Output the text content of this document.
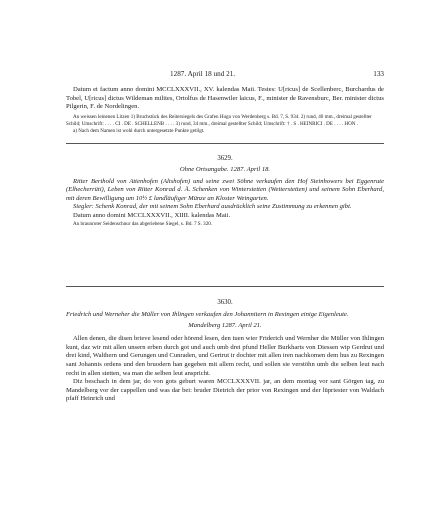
1287. April 18 und 21.	133

Datum et factum anno domini MCCLXXXVII., XV. kalendas Maii. Testes: U[ricus] de Scellenberc, Burchardus de Tobel, U[ricus] dictus Wildeman milites, Ortolfus de Hasenwiler laicus, F., minister de Ravensburc, Ber. minister dictus Pilgerin, F. de Nordelingen.

An weissen leinenen Litzen 1) Bruchstück des Reitersiegels des Grafen Hugo von Werdenberg s. Bd. 7, S. 934. 2) rund, 40 mm., dreimal gestellter Schild; Umschrift: . . . . CI . DE . SCHELLENB . . . . 3) rund, 34 mm., dreimal gestellter Schild; Umschrift: † . S . HEINRICI . DE . . . . HON .

a) Nach dem Namen ist wohl durch untergesetzte Punkte getilgt.

3629.

Ohne Ortsangabe. 1287. April 18.

Ritter Berthold von Attenhofen (Altshofen) und seine zwei Söhne verkaufen den Hof Steinhowers bei Eggenrute (Elhecherrüti), Leben von Ritter Konrad d. Ä. Schenken von Winterstetten (Wetterstetten) und seinem Sohn Eberhard, mit deren Bewilligung um 10½ £ landläufiger Münze an Kloster Weingarten.

Siegler: Schenk Konrad, der mit seinem Sohn Eberhard ausdrücklich seine Zustimmung zu erkennen gibt.

Datum anno domini MCCLXXXVII., XIIII. kalendas Maii.

An braunroter Seidenschnur das abgeriebene Siegel, s. Bd. 7 S. 320.

3630.

Friedrich und Werneher die Müller von Ihlingen verkaufen den Johannitern in Rexingen einige Eigenleute.

Mandelberg 1287. April 21.

Allen denen, die disen brieve lesend oder hörend lesen, den tuen wier Friderich und Wernher die Müller von Ihlingen kunt, daz wir mit allen unsern erben durch got und auch umb drei pfund Heller Burkharts von Diessen wip Gerdrut und drei kind, Walthern und Gerungen und Cunraden, und Gertrut ir dochter mit allen iren nachkomen dem hus zu Rexingen sant Johannis ordens und den bruodern han gegeben mit allem recht, und sollen sie verstöhn umb die selben leut nach recht in allen stetten, wa man die selben leut anspricht.

Diz beschach in dem jar, do von gots geburt waren MCCLXXXVII. jar, an dem montag vor sant Görgen tag, zu Mandelberg vor der cappellen und was dar bei: bruder Dietrich der prior von Rexingen und der lüpriester von Waldach pfaff Heinrich und
